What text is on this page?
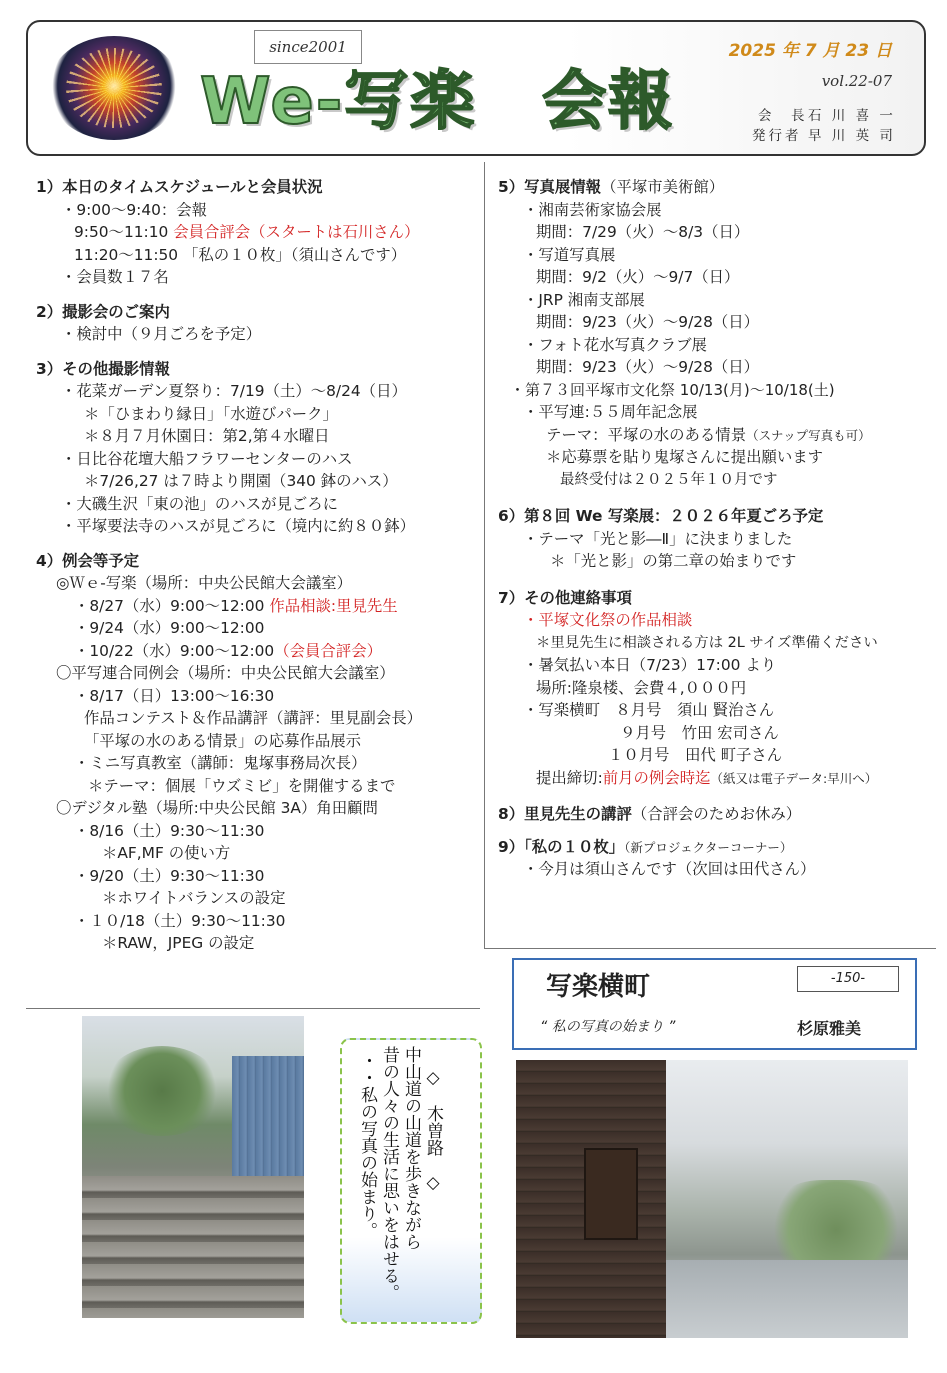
since2001
We-写楽　会報
2025 年 7 月 23 日
vol.22-07
会　長 石 川 喜 一
発行者 早 川 英 司
1）本日のタイムスケジュールと会員状況
・9:00～9:40：会報
9:50～11:10 会員合評会（スタートは石川さん）
11:20～11:50 「私の１０枚」（須山さんです）
・会員数１７名
2）撮影会のご案内
・検討中（９月ごろを予定）
3）その他撮影情報
・花菜ガーデン夏祭り：7/19（土）～8/24（日）
＊「ひまわり縁日」「水遊びパーク」
＊８月７月休園日：第2,第４水曜日
・日比谷花壇大船フラワーセンターのハス
＊7/26,27 は７時より開園（340 鉢のハス）
・大磯生沢「東の池」のハスが見ごろに
・平塚要法寺のハスが見ごろに（境内に約８０鉢）
4）例会等予定
◎Ｗｅ-写楽（場所：中央公民館大会議室）
・8/27（水）9:00～12:00 作品相談:里見先生
・9/24（水）9:00～12:00
・10/22（水）9:00～12:00（会員合評会）
〇平写連合同例会（場所：中央公民館大会議室）
・8/17（日）13:00～16:30
作品コンテスト＆作品講評（講評：里見副会長）
「平塚の水のある情景」の応募作品展示
・ミニ写真教室（講師：鬼塚事務局次長）
＊テーマ：個展「ウズミビ」を開催するまで
〇デジタル塾（場所:中央公民館 3A）角田顧問
・8/16（土）9:30～11:30
＊AF,MF の使い方
・9/20（土）9:30～11:30
＊ホワイトバランスの設定
・１０/18（土）9:30～11:30
＊RAW，JPEG の設定
5）写真展情報（平塚市美術館）
・湘南芸術家協会展
期間：7/29（火）～8/3（日）
・写道写真展
期間：9/2（火）～9/7（日）
・JRP 湘南支部展
期間：9/23（火）～9/28（日）
・フォト花水写真クラブ展
期間：9/23（火）～9/28（日）
・第７３回平塚市文化祭 10/13(月)～10/18(土)
・平写連:５５周年記念展
テーマ：平塚の水のある情景（スナップ写真も可）
＊応募票を貼り鬼塚さんに提出願います
最終受付は２０２５年１０月です
6）第８回 We 写楽展：２０２６年夏ごろ予定
・テーマ「光と影―Ⅱ」に決まりました
＊「光と影」の第二章の始まりです
7）その他連絡事項
・平塚文化祭の作品相談
＊里見先生に相談される方は 2L サイズ準備ください
・暑気払い本日（7/23）17:00 より
場所:隆泉楼、会費４,０００円
・写楽横町　８月号　須山 賢治さん
９月号　竹田 宏司さん
１０月号　田代 町子さん
提出締切:前月の例会時迄（紙又は電子データ:早川へ）
8）里見先生の講評（合評会のためお休み）
9）「私の１０枚」（新プロジェクターコーナー）
・今月は須山さんです（次回は田代さん）
写楽横町	-150-
“ 私の写真の始まり ”	杉原雅美
◇　木曽路　◇
中山道の山道を歩きながら
昔の人々の生活に思いをはせる。
・・私の写真の始まり。
